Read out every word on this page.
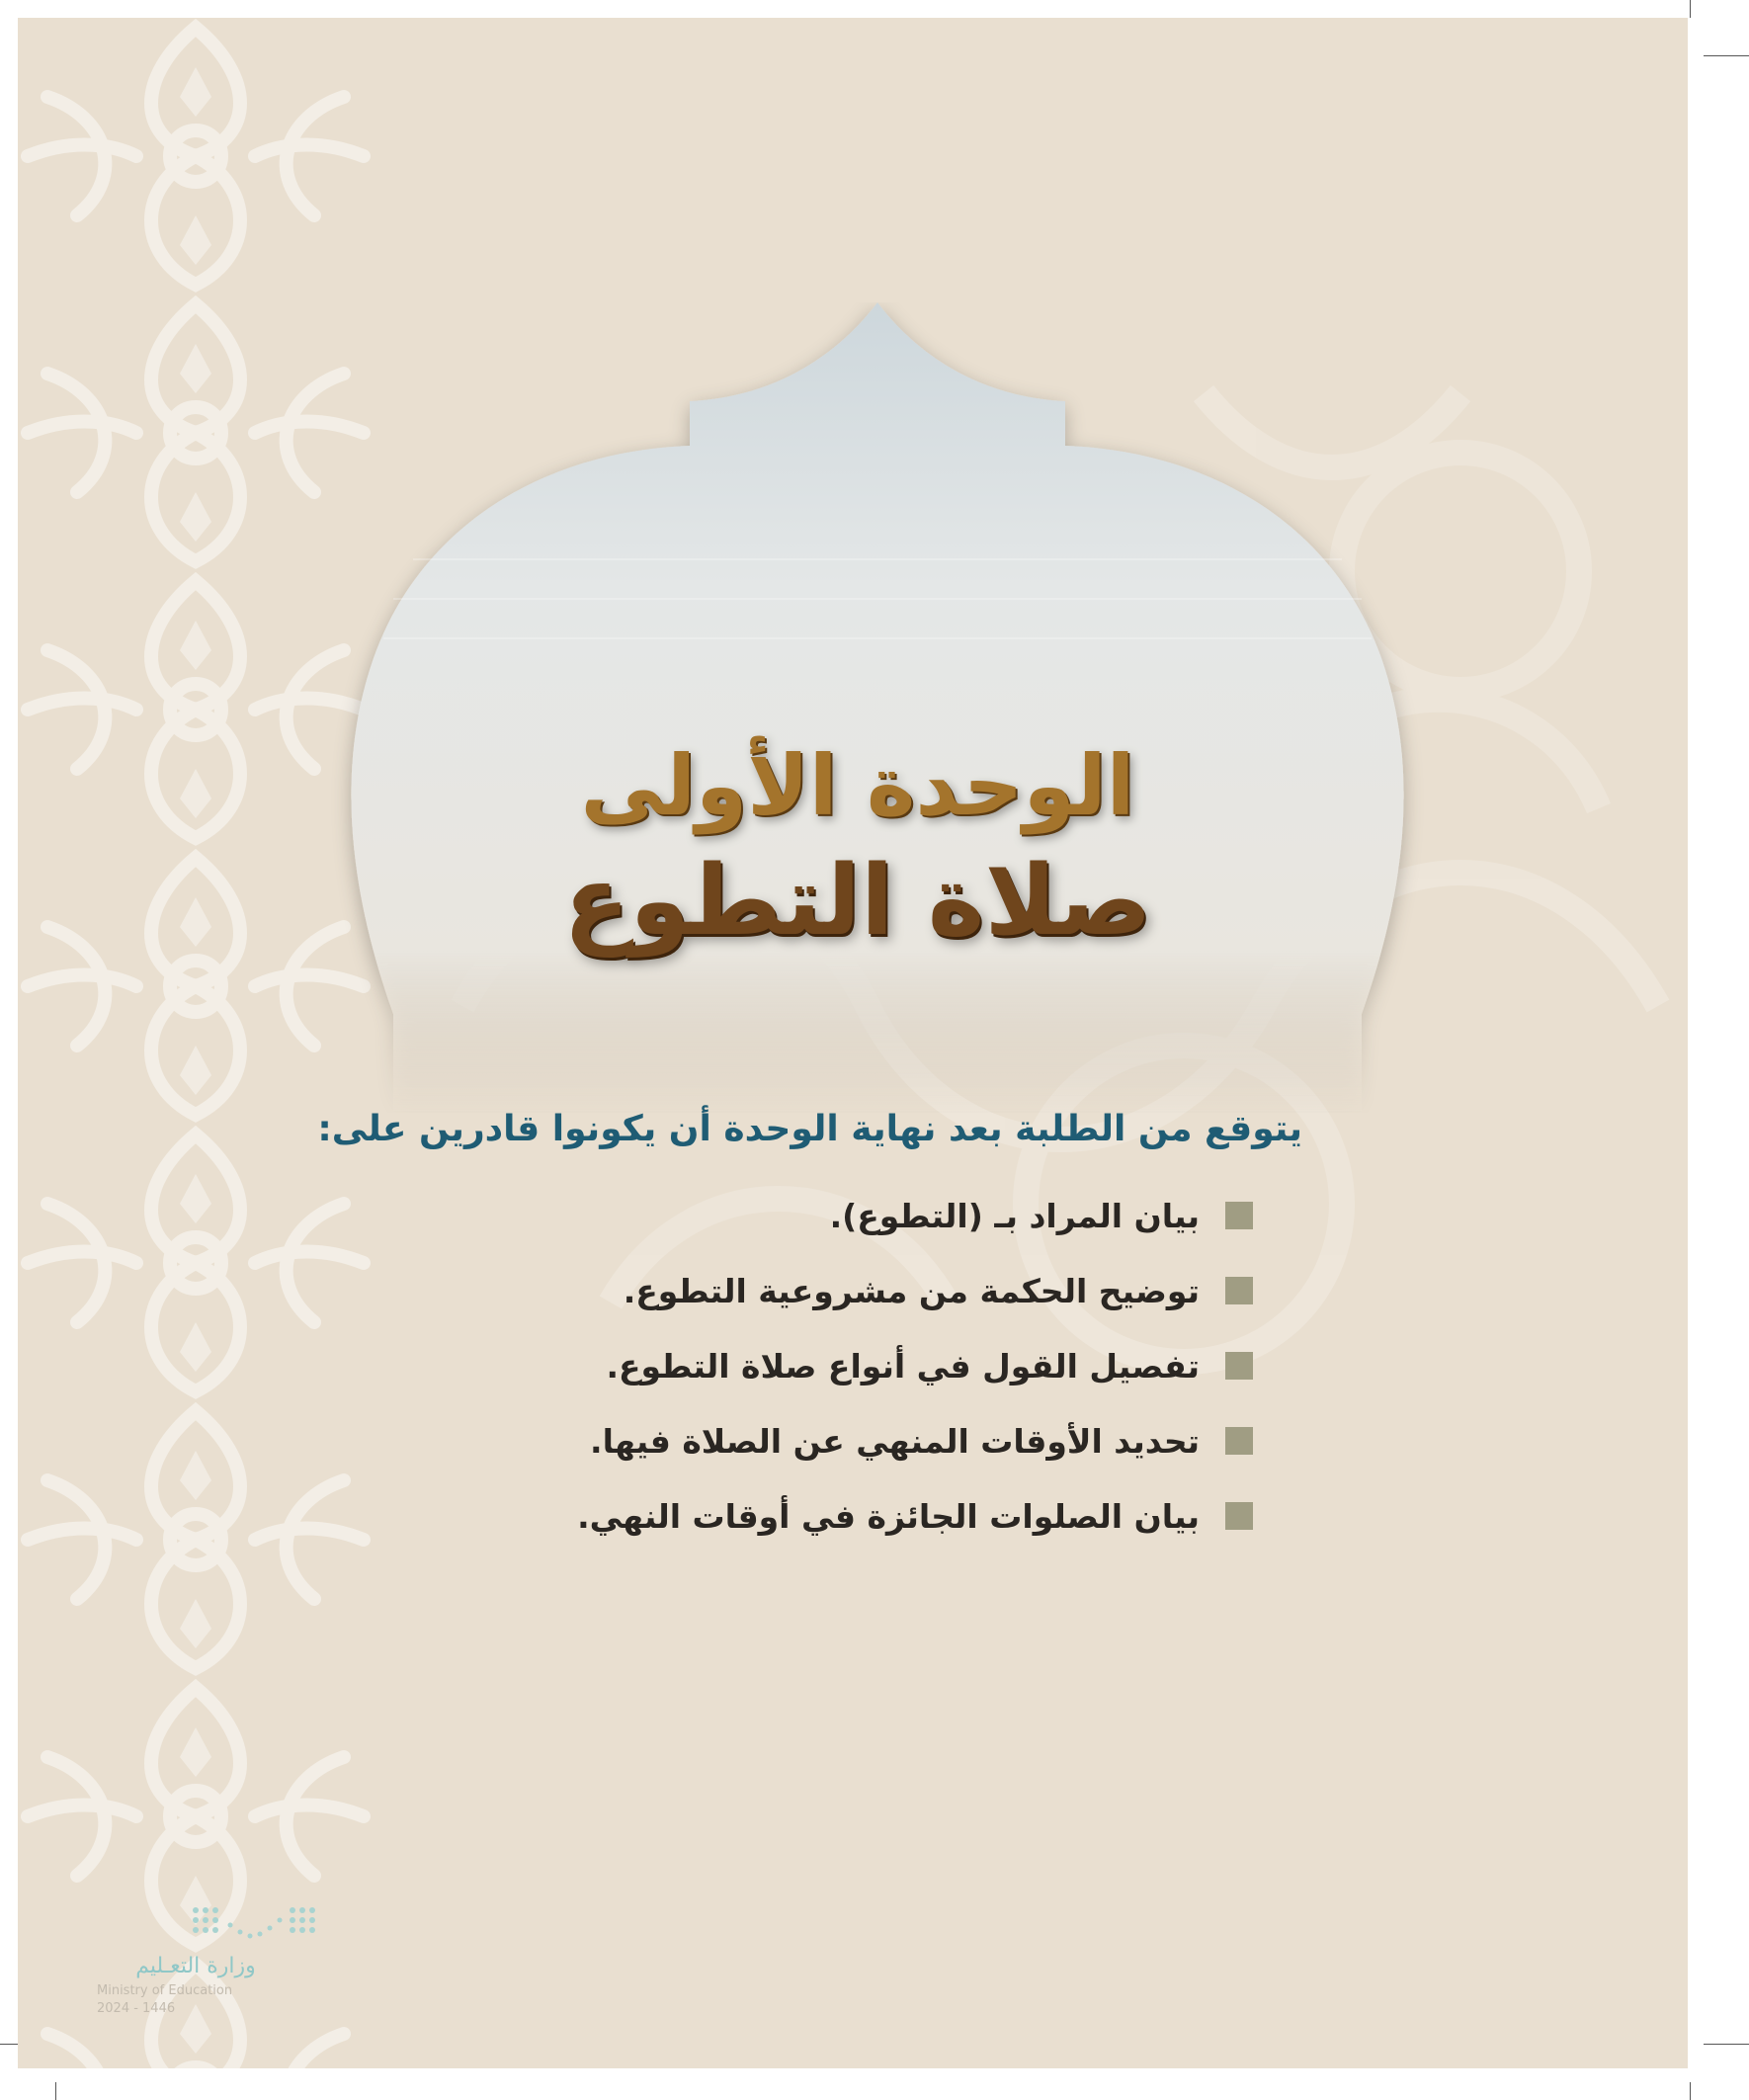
الوحدة الأولى
صلاة التطوع
يتوقع من الطلبة بعد نهاية الوحدة أن يكونوا قادرين على:
بيان المراد بـ (التطوع).
توضيح الحكمة من مشروعية التطوع.
تفصيل القول في أنواع صلاة التطوع.
تحديد الأوقات المنهي عن الصلاة فيها.
بيان الصلوات الجائزة في أوقات النهي.
وزارة التعـليم
Ministry of Education
2024 - 1446
